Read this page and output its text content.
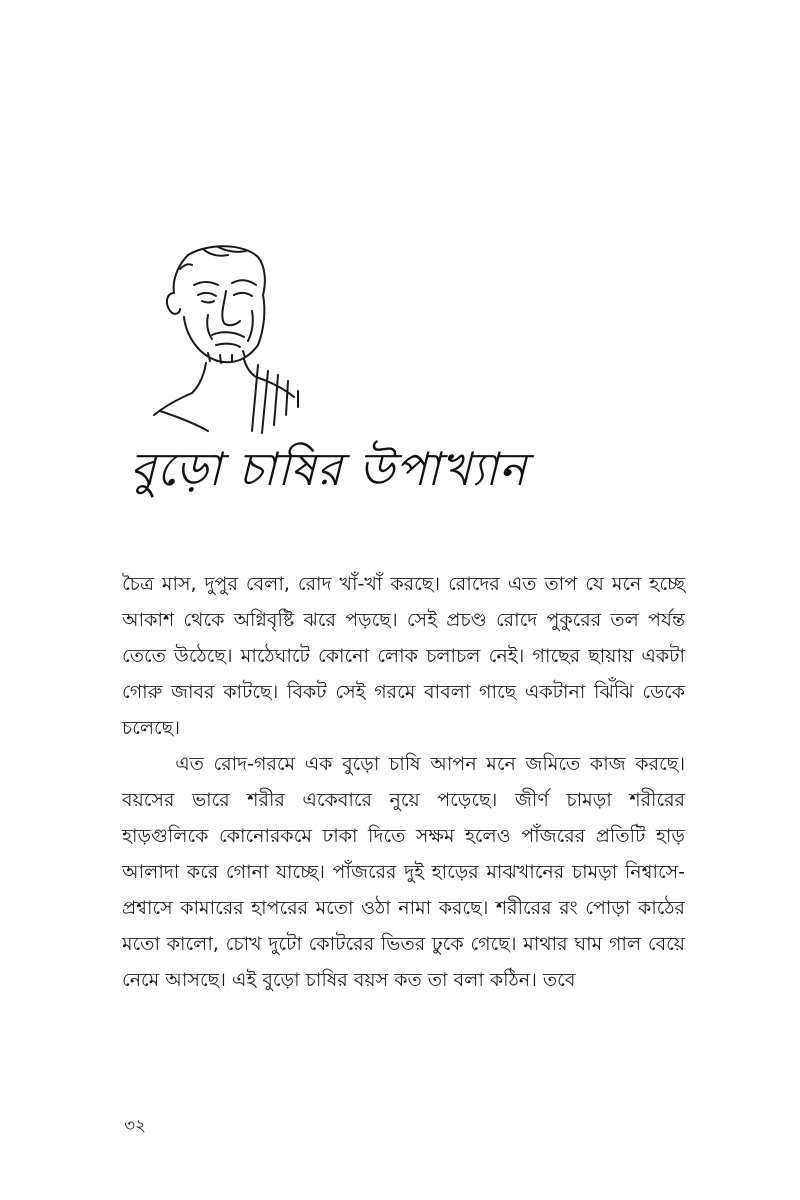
বুড়ো চাষির উপাখ্যান

চৈত্র মাস, দুপুর বেলা, রোদ খাঁ-খাঁ করছে। রোদের এত তাপ যে মনে হচ্ছে আকাশ থেকে অগ্নিবৃষ্টি ঝরে পড়ছে। সেই প্রচণ্ড রোদে পুকুরের তল পর্যন্ত তেতে উঠেছে। মাঠেঘাটে কোনো লোক চলাচল নেই। গাছের ছায়ায় একটা গোরু জাবর কাটছে। বিকট সেই গরমে বাবলা গাছে একটানা ঝিঁঝি ডেকে চলেছে।

এত রোদ-গরমে এক বুড়ো চাষি আপন মনে জমিতে কাজ করছে। বয়সের ভারে শরীর একেবারে নুয়ে পড়েছে। জীর্ণ চামড়া শরীরের হাড়গুলিকে কোনোরকমে ঢাকা দিতে সক্ষম হলেও পাঁজরের প্রতিটি হাড় আলাদা করে গোনা যাচ্ছে। পাঁজরের দুই হাড়ের মাঝখানের চামড়া নিশ্বাসে-প্রশ্বাসে কামারের হাপরের মতো ওঠা নামা করছে। শরীরের রং পোড়া কাঠের মতো কালো, চোখ দুটো কোটরের ভিতর ঢুকে গেছে। মাথার ঘাম গাল বেয়ে নেমে আসছে। এই বুড়ো চাষির বয়স কত তা বলা কঠিন। তবে

৩২
